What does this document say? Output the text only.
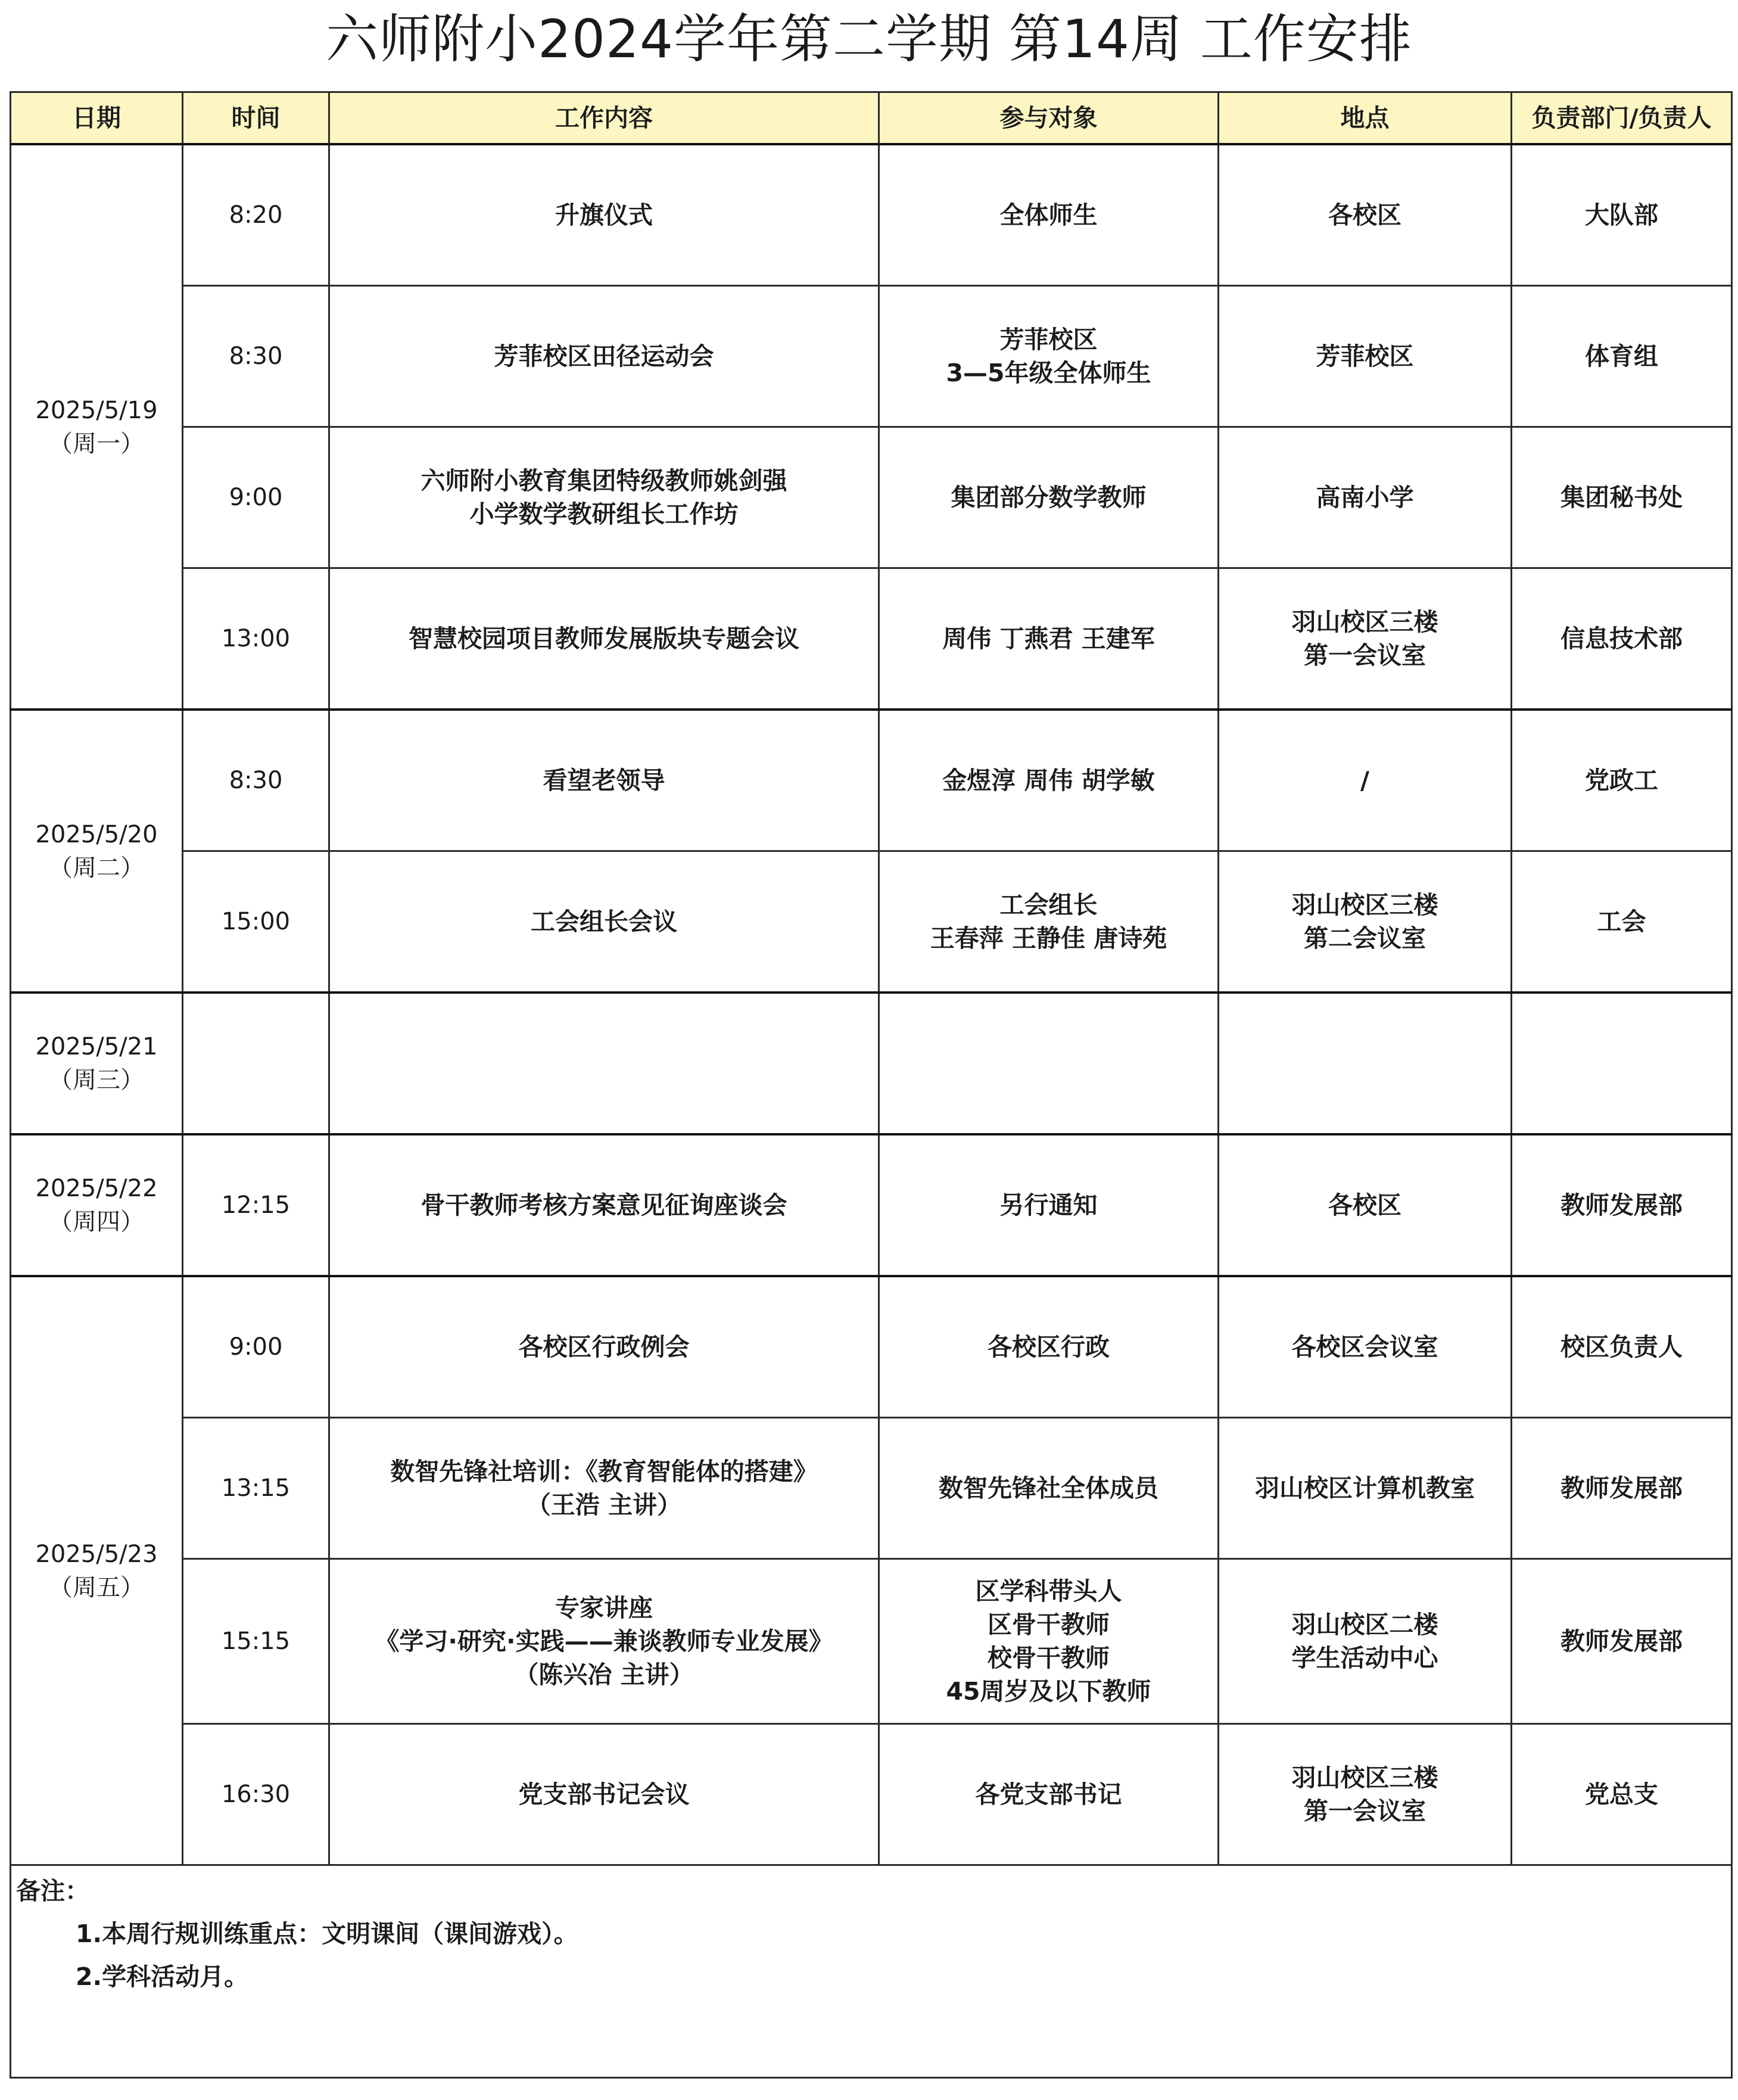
六师附小2024学年第二学期 第14周 工作安排
日期	时间	工作内容	参与对象	地点	负责部门/负责人

2025/5/19
（周一）	8:20	升旗仪式	全体师生	各校区	大队部
	8:30	芳菲校区田径运动会	芳菲校区
3—5年级全体师生	芳菲校区	体育组
	9:00	六师附小教育集团特级教师姚剑强
小学数学教研组长工作坊	集团部分数学教师	高南小学	集团秘书处
	13:00	智慧校园项目教师发展版块专题会议	周伟 丁燕君 王建军	羽山校区三楼
第一会议室	信息技术部

2025/5/20
（周二）	8:30	看望老领导	金煜淳 周伟 胡学敏	/	党政工
	15:00	工会组长会议	工会组长
王春萍 王静佳 唐诗苑	羽山校区三楼
第二会议室	工会

2025/5/21
（周三）					

2025/5/22
（周四）	12:15	骨干教师考核方案意见征询座谈会	另行通知	各校区	教师发展部

2025/5/23
（周五）	9:00	各校区行政例会	各校区行政	各校区会议室	校区负责人
	13:15	数智先锋社培训：《教育智能体的搭建》
（王浩 主讲）	数智先锋社全体成员	羽山校区计算机教室	教师发展部
	15:15	专家讲座
《学习·研究·实践——兼谈教师专业发展》
（陈兴冶 主讲）	区学科带头人
区骨干教师
校骨干教师
45周岁及以下教师	羽山校区二楼
学生活动中心	教师发展部
	16:30	党支部书记会议	各党支部书记	羽山校区三楼
第一会议室	党总支

备注：
1.本周行规训练重点：文明课间（课间游戏）。
2.学科活动月。					
